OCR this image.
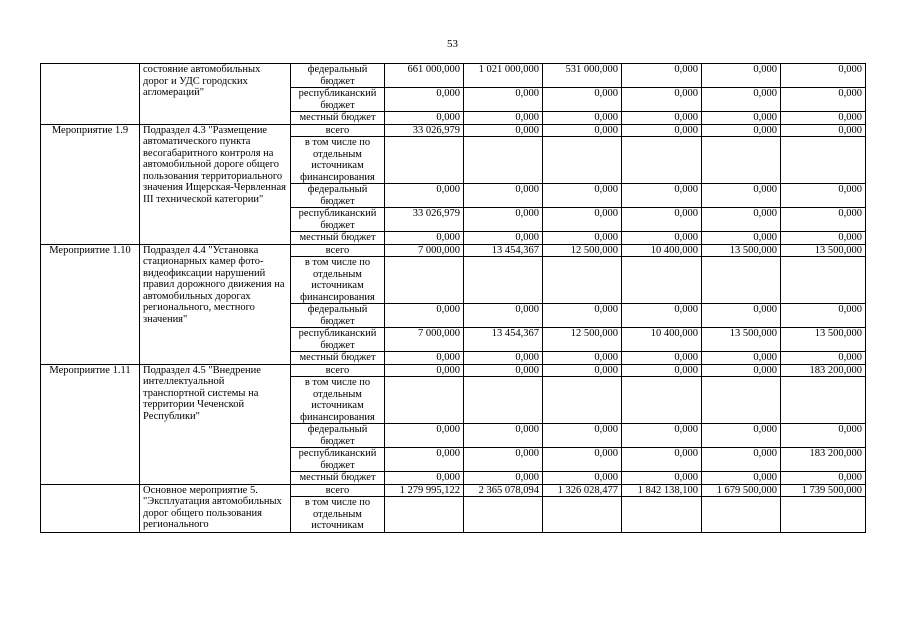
53
	состояние автомобильных дорог и УДС городских агломераций"	федеральный бюджет	661 000,000	1 021 000,000	531 000,000	0,000	0,000	0,000
		республиканский бюджет	0,000	0,000	0,000	0,000	0,000	0,000
		местный бюджет	0,000	0,000	0,000	0,000	0,000	0,000
Мероприятие 1.9	Подраздел 4.3 "Размещение автоматического пункта весогабаритного контроля на автомобильной дороге общего пользования территориального значения Ищерская-Червленная III технической категории"	всего	33 026,979	0,000	0,000	0,000	0,000	0,000
		в том числе по отдельным источникам финансирования						
		федеральный бюджет	0,000	0,000	0,000	0,000	0,000	0,000
		республиканский бюджет	33 026,979	0,000	0,000	0,000	0,000	0,000
		местный бюджет	0,000	0,000	0,000	0,000	0,000	0,000
Мероприятие 1.10	Подраздел 4.4 "Установка стационарных камер фото-видеофиксации нарушений правил дорожного движения на автомобильных дорогах регионального, местного значения"	всего	7 000,000	13 454,367	12 500,000	10 400,000	13 500,000	13 500,000
		в том числе по отдельным источникам финансирования						
		федеральный бюджет	0,000	0,000	0,000	0,000	0,000	0,000
		республиканский бюджет	7 000,000	13 454,367	12 500,000	10 400,000	13 500,000	13 500,000
		местный бюджет	0,000	0,000	0,000	0,000	0,000	0,000
Мероприятие 1.11	Подраздел 4.5 "Внедрение интеллектуальной транспортной системы на территории Чеченской Республики"	всего	0,000	0,000	0,000	0,000	0,000	183 200,000
		в том числе по отдельным источникам финансирования						
		федеральный бюджет	0,000	0,000	0,000	0,000	0,000	0,000
		республиканский бюджет	0,000	0,000	0,000	0,000	0,000	183 200,000
		местный бюджет	0,000	0,000	0,000	0,000	0,000	0,000
	Основное мероприятие 5. "Эксплуатация автомобильных дорог общего пользования регионального	всего	1 279 995,122	2 365 078,094	1 326 028,477	1 842 138,100	1 679 500,000	1 739 500,000
		в том числе по отдельным источникам						
